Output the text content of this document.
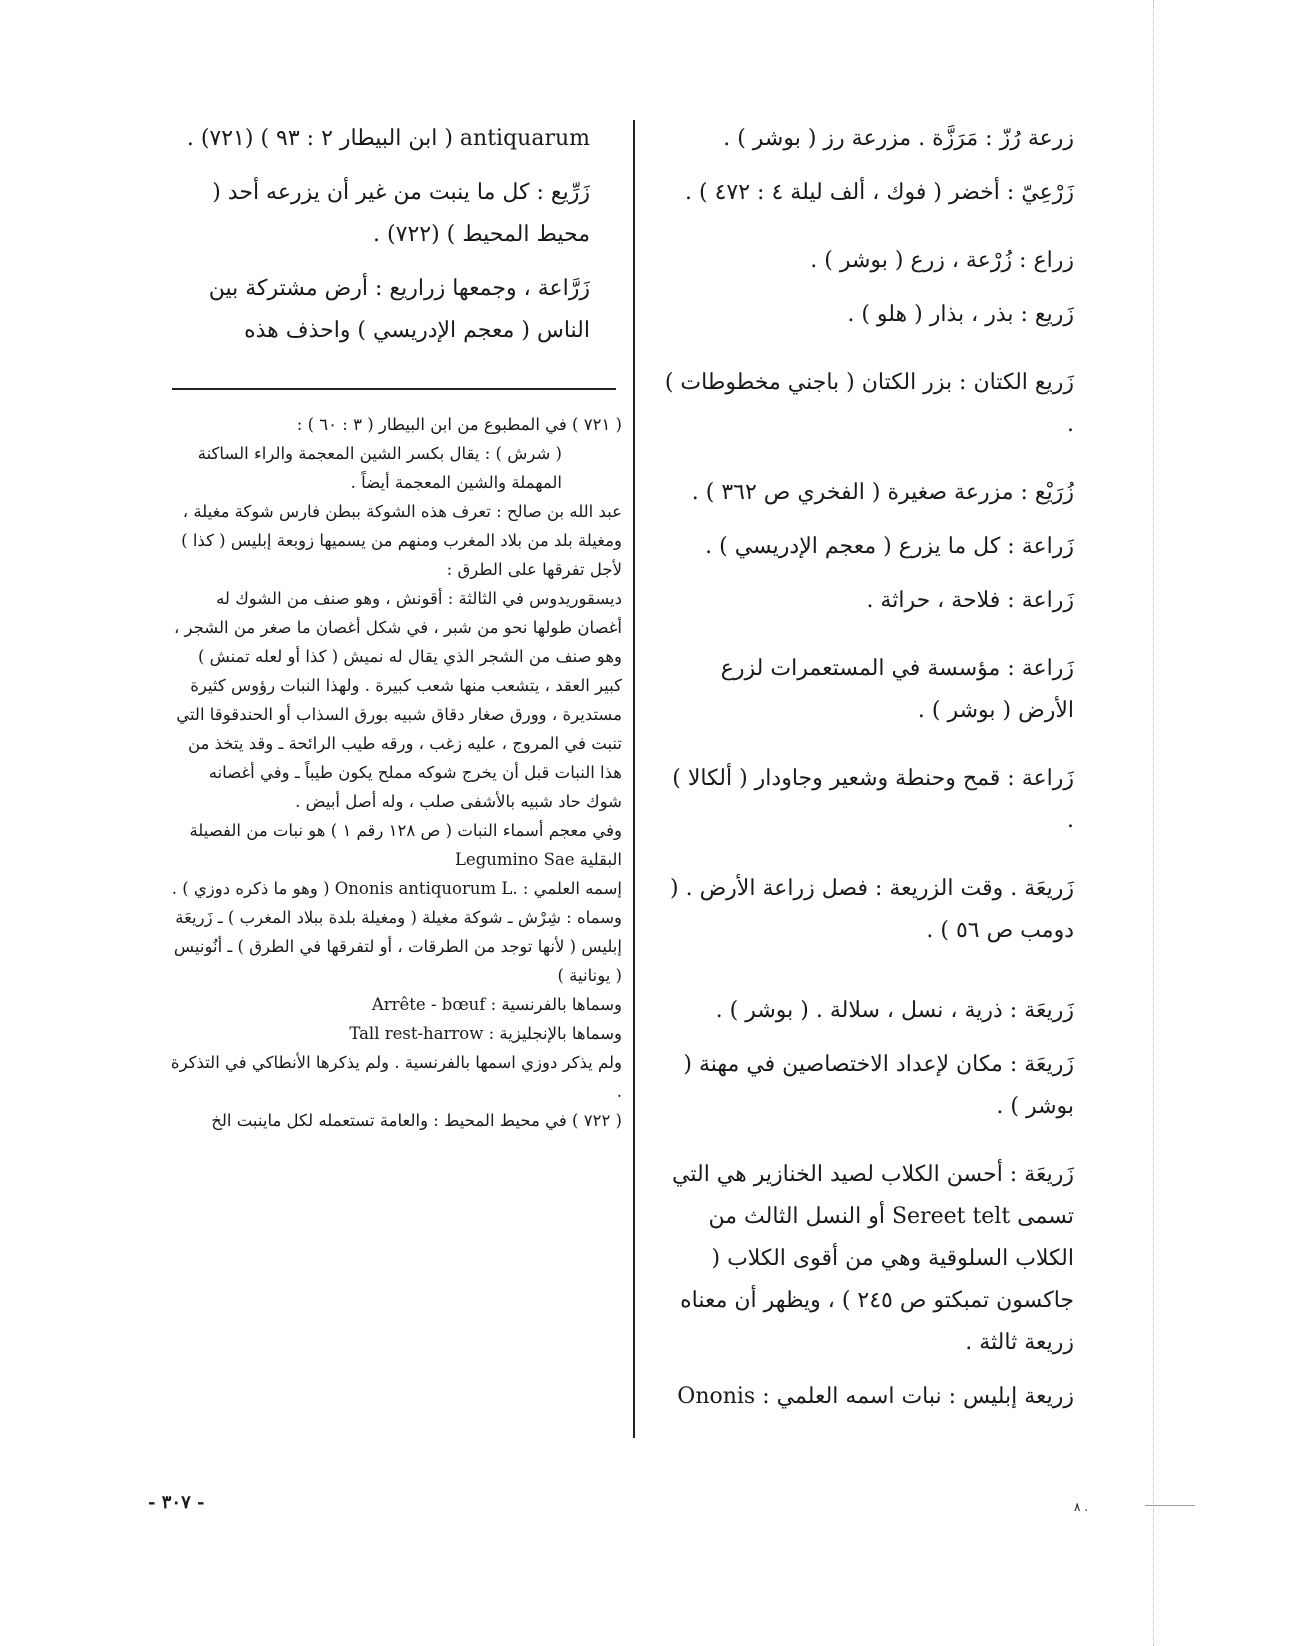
زرعة رُزّ : مَرَزَّة . مزرعة رز ( بوشر ) .

زَرْعِيّ : أخضر ( فوك ، ألف ليلة ٤ : ٤٧٢ ) .

زراع : زُرْعة ، زرع ( بوشر ) .

زَريع : بذر ، بذار ( هلو ) .

زَريع الكتان : بزر الكتان ( باجني مخطوطات ) .

زُرَيْع : مزرعة صغيرة ( الفخري ص ٣٦٢ ) .

زَراعة : كل ما يزرع ( معجم الإدريسي ) .

زَراعة : فلاحة ، حراثة .

زَراعة : مؤسسة في المستعمرات لزرع الأرض ( بوشر ) .

زَراعة : قمح وحنطة وشعير وجاودار ( ألكالا ) .

زَريعَة . وقت الزريعة : فصل زراعة الأرض . ( دومب ص ٥٦ ) .

زَريعَة : ذرية ، نسل ، سلالة . ( بوشر ) .

زَريعَة : مكان لإعداد الاختصاصين في مهنة ( بوشر ) .

زَريعَة : أحسن الكلاب لصيد الخنازير هي التي تسمى Sereet telt أو النسل الثالث من الكلاب السلوقية وهي من أقوى الكلاب ( جاكسون تمبكتو ص ٢٤٥ ) ، ويظهر أن معناه زريعة ثالثة .

زريعة إبليس : نبات اسمه العلمي : Ononis

antiquarum ( ابن البيطار ٢ : ٩٣ ) (٧٢١) .

زَرِّيع : كل ما ينبت من غير أن يزرعه أحد ( محيط المحيط ) (٧٢٢) .

زَرَّاعة ، وجمعها زراريع : أرض مشتركة بين الناس ( معجم الإدريسي ) واحذف هذه

( ٧٢١ ) في المطبوع من ابن البيطار ( ٣ : ٦٠ ) :

( شرش ) : يقال بكسر الشين المعجمة والراء الساكنة المهملة والشين المعجمة أيضاً .

عبد الله بن صالح : تعرف هذه الشوكة ببطن فارس شوكة مغيلة ، ومغيلة بلد من بلاد المغرب ومنهم من يسميها زوبعة إبليس ( كذا ) لأجل تفرقها على الطرق :

ديسقوريدوس في الثالثة : أقونش ، وهو صنف من الشوك له أغصان طولها نحو من شبر ، في شكل أغصان ما صغر من الشجر ، وهو صنف من الشجر الذي يقال له نميش ( كذا أو لعله تمنش ) كبير العقد ، يتشعب منها شعب كبيرة . ولهذا النبات رؤوس كثيرة مستديرة ، وورق صغار دقاق شبيه بورق السذاب أو الحندقوقا التي تنبت في المروج ، عليه زغب ، ورقه طيب الرائحة ـ وقد يتخذ من هذا النبات قبل أن يخرج شوكه مملح يكون طيباً ـ وفي أغصانه شوك حاد شبيه بالأشفى صلب ، وله أصل أبيض .

وفي معجم أسماء النبات ( ص ١٢٨ رقم ١ ) هو نبات من الفصيلة البقلية Legumino Sae

إسمه العلمي : .Ononis antiquorum L ( وهو ما ذكره دوزي ) .

وسماه : شِرْش ـ شوكة مغيلة ( ومغيلة بلدة ببلاد المغرب ) ـ زَريعَة إبليس ( لأنها توجد من الطرقات ، أو لتفرقها في الطرق ) ـ أنُونيس ( يونانية )

وسماها بالفرنسية : Arrête - bœuf

وسماها بالإنجليزية : Tall rest-harrow

ولم يذكر دوزي اسمها بالفرنسية . ولم يذكرها الأنطاكي في التذكرة .

( ٧٢٢ ) في محيط المحيط : والعامة تستعمله لكل ماينبت الخ

- ٣٠٧ -	٨ .
